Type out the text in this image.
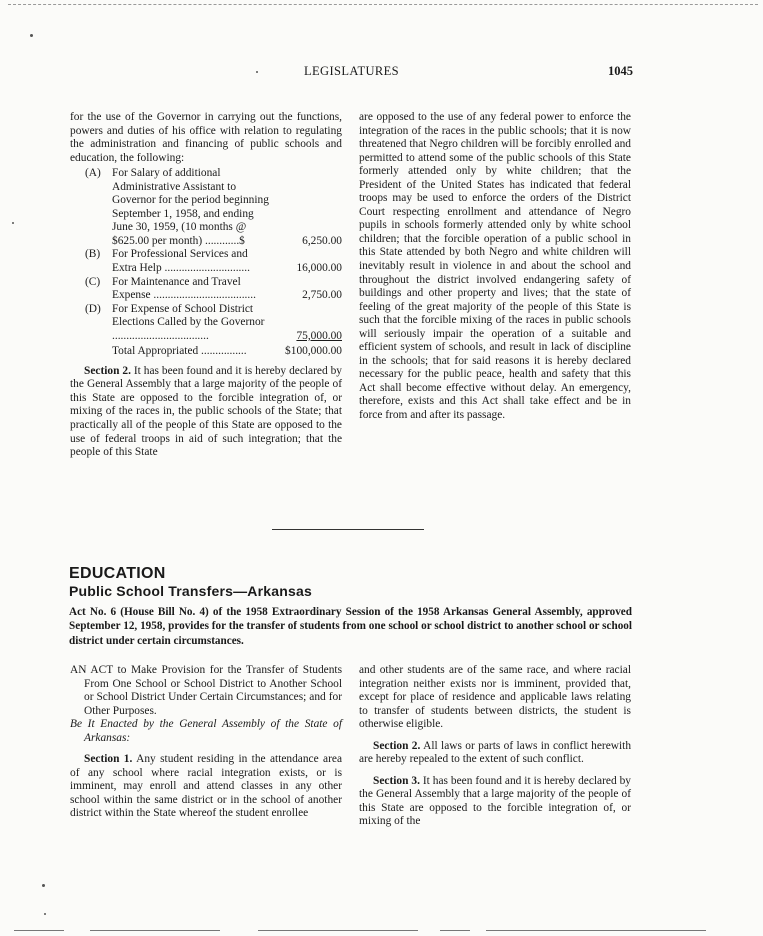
LEGISLATURES	1045

for the use of the Governor in carrying out the functions, powers and duties of his office with relation to regulating the administration and financing of public schools and education, the following:

(A) For Salary of additional Administrative Assistant to Governor for the period beginning September 1, 1958, and ending June 30, 1959, (10 months @ $625.00 per month) ............$	6,250.00
(B) For Professional Services and Extra Help ..............................	16,000.00
(C) For Maintenance and Travel Expense ....................................	2,750.00
(D) For Expense of School District Elections Called by the Governor ..................................	75,000.00
Total Appropriated ................	$100,000.00

Section 2. It has been found and it is hereby declared by the General Assembly that a large majority of the people of this State are opposed to the forcible integration of, or mixing of the races in, the public schools of the State; that practically all of the people of this State are opposed to the use of federal troops in aid of such integration; that the people of this State

are opposed to the use of any federal power to enforce the integration of the races in the public schools; that it is now threatened that Negro children will be forcibly enrolled and permitted to attend some of the public schools of this State formerly attended only by white children; that the President of the United States has indicated that federal troops may be used to enforce the orders of the District Court respecting enrollment and attendance of Negro pupils in schools formerly attended only by white school children; that the forcible operation of a public school in this State attended by both Negro and white children will inevitably result in violence in and about the school and throughout the district involved endangering safety of buildings and other property and lives; that the state of feeling of the great majority of the people of this State is such that the forcible mixing of the races in public schools will seriously impair the operation of a suitable and efficient system of schools, and result in lack of discipline in the schools; that for said reasons it is hereby declared necessary for the public peace, health and safety that this Act shall become effective without delay. An emergency, therefore, exists and this Act shall take effect and be in force from and after its passage.

EDUCATION
Public School Transfers—Arkansas
Act No. 6 (House Bill No. 4) of the 1958 Extraordinary Session of the 1958 Arkansas General Assembly, approved September 12, 1958, provides for the transfer of students from one school or school district to another school or school district under certain circumstances.

AN ACT to Make Provision for the Transfer of Students From One School or School District to Another School or School District Under Certain Circumstances; and for Other Purposes.

Be It Enacted by the General Assembly of the State of Arkansas:

Section 1. Any student residing in the attendance area of any school where racial integration exists, or is imminent, may enroll and attend classes in any other school within the same district or in the school of another district within the State whereof the student enrollee

and other students are of the same race, and where racial integration neither exists nor is imminent, provided that, except for place of residence and applicable laws relating to transfer of students between districts, the student is otherwise eligible.

Section 2. All laws or parts of laws in conflict herewith are hereby repealed to the extent of such conflict.

Section 3. It has been found and it is hereby declared by the General Assembly that a large majority of the people of this State are opposed to the forcible integration of, or mixing of the
